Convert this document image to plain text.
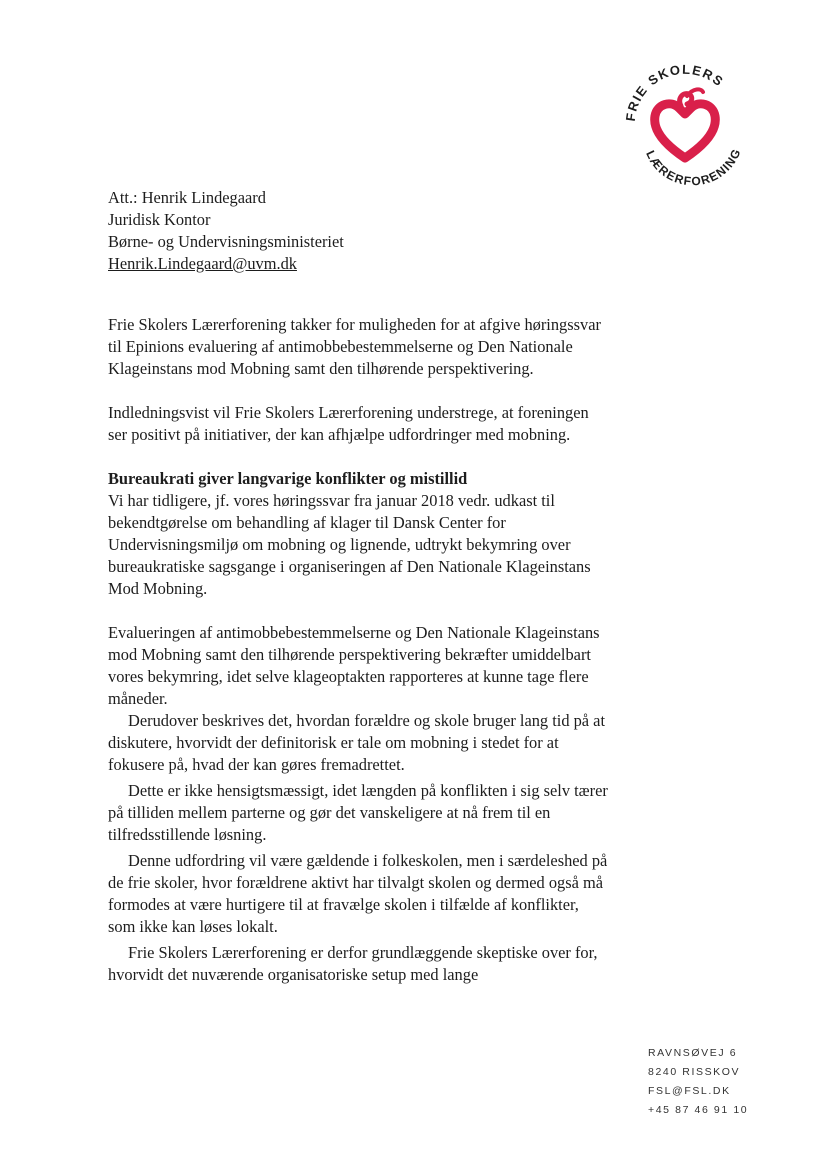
FRIE SKOLERS
LÆRERFORENING
Att.: Henrik Lindegaard
Juridisk Kontor
Børne- og Undervisningsministeriet
Henrik.Lindegaard@uvm.dk

Frie Skolers Lærerforening takker for muligheden for at afgive høringssvar til Epinions evaluering af antimobbebestemmelserne og Den Nationale Klageinstans mod Mobning samt den tilhørende perspektivering.

Indledningsvist vil Frie Skolers Lærerforening understrege, at foreningen ser positivt på initiativer, der kan afhjælpe udfordringer med mobning.

Bureaukrati giver langvarige konflikter og mistillid

Vi har tidligere, jf. vores høringssvar fra januar 2018 vedr. udkast til bekendtgørelse om behandling af klager til Dansk Center for Undervisningsmiljø om mobning og lignende, udtrykt bekymring over bureaukratiske sagsgange i organiseringen af Den Nationale Klageinstans Mod Mobning.

Evalueringen af antimobbebestemmelserne og Den Nationale Klageinstans mod Mobning samt den tilhørende perspektivering bekræfter umiddelbart vores bekymring, idet selve klageoptakten rapporteres at kunne tage flere måneder.

Derudover beskrives det, hvordan forældre og skole bruger lang tid på at diskutere, hvorvidt der definitorisk er tale om mobning i stedet for at fokusere på, hvad der kan gøres fremadrettet.

Dette er ikke hensigtsmæssigt, idet længden på konflikten i sig selv tærer på tilliden mellem parterne og gør det vanskeligere at nå frem til en tilfredsstillende løsning.

Denne udfordring vil være gældende i folkeskolen, men i særdeleshed på de frie skoler, hvor forældrene aktivt har tilvalgt skolen og dermed også må formodes at være hurtigere til at fravælge skolen i tilfælde af konflikter, som ikke kan løses lokalt.

Frie Skolers Lærerforening er derfor grundlæggende skeptiske over for, hvorvidt det nuværende organisatoriske setup med lange

RAVNSØVEJ 6
8240 RISSKOV
FSL@FSL.DK
+45 87 46 91 10
